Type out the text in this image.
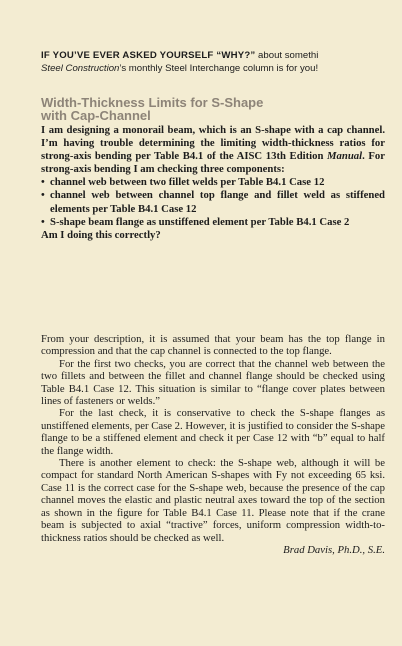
IF YOU’VE EVER ASKED YOURSELF “WHY?” about somethi
Steel Construction’s monthly Steel Interchange column is for you!
Width-Thickness Limits for S-Shape
with Cap-Channel

I am designing a monorail beam, which is an S-shape with a cap channel. I’m having trouble determining the limiting width-thickness ratios for strong-axis bending per Table B4.1 of the AISC 13th Edition Manual. For strong-axis bending I am checking three components:

• channel web between two fillet welds per Table B4.1 Case 12
• channel web between channel top flange and fillet weld as stiffened elements per Table B4.1 Case 12
• S-shape beam flange as unstiffened element per Table B4.1 Case 2

Am I doing this correctly?

From your description, it is assumed that your beam has the top flange in compression and that the cap channel is connected to the top flange.

For the first two checks, you are correct that the channel web between the two fillets and between the fillet and channel flange should be checked using Table B4.1 Case 12. This situation is similar to “flange cover plates between lines of fasteners or welds.”

For the last check, it is conservative to check the S-shape flanges as unstiffened elements, per Case 2. However, it is justified to consider the S-shape flange to be a stiffened element and check it per Case 12 with “b” equal to half the flange width.

There is another element to check: the S-shape web, although it will be compact for standard North American S-shapes with Fy not exceeding 65 ksi. Case 11 is the correct case for the S-shape web, because the presence of the cap channel moves the elastic and plastic neutral axes toward the top of the section as shown in the figure for Table B4.1 Case 11. Please note that if the crane beam is subjected to axial “tractive” forces, uniform compression width-to-thickness ratios should be checked as well.

Brad Davis, Ph.D., S.E.
